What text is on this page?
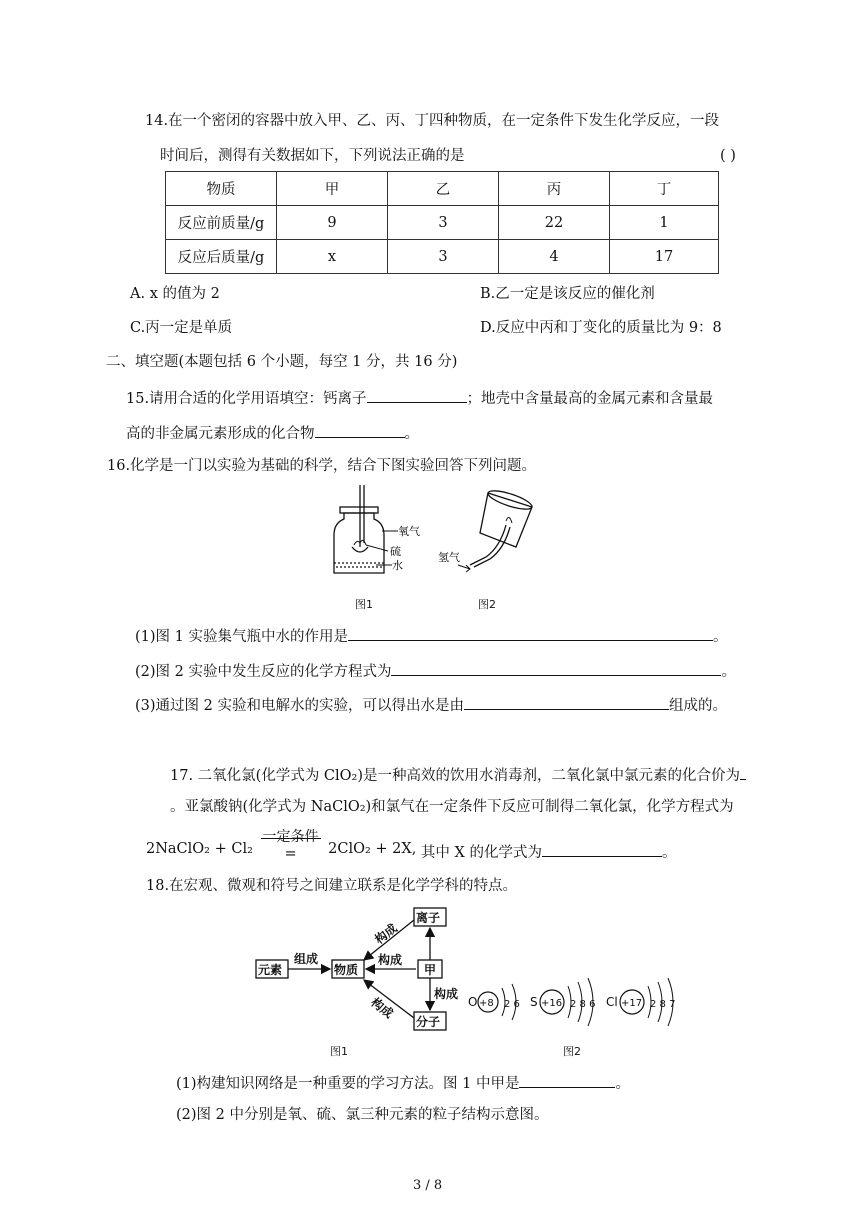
14.在一个密闭的容器中放入甲、乙、丙、丁四种物质，在一定条件下发生化学反应，一段
时间后，测得有关数据如下，下列说法正确的是	( )
物质	甲	乙	丙	丁
反应前质量/g	9	3	22	1
反应后质量/g	x	3	4	17
A. x 的值为 2	B.乙一定是该反应的催化剂
C.丙一定是单质	D.反应中丙和丁变化的质量比为 9：8
二、填空题(本题包括 6 个小题，每空 1 分，共 16 分)
15.请用合适的化学用语填空：钙离子	；地壳中含量最高的金属元素和含量最
高的非金属元素形成的化合物	。
16.化学是一门以实验为基础的科学，结合下图实验回答下列问题。
氧气
硫
水
氢气
图1	图2
(1)图 1 实验集气瓶中水的作用是	。
(2)图 2 实验中发生反应的化学方程式为	。
(3)通过图 2 实验和电解水的实验，可以得出水是由	组成的。
17. 二氧化氯(化学式为 ClO₂)是一种高效的饮用水消毒剂，二氧化氯中氯元素的化合价为
。亚氯酸钠(化学式为 NaClO₂)和氯气在一定条件下反应可制得二氧化氯，化学方程式为
2NaClO₂ + Cl₂
一定条件
= 2ClO₂ + 2X, 其中 X 的化学式为	。
18.在宏观、微观和符号之间建立联系是化学学科的特点。
元素	物质
离子
甲
分子
组成	构成
构成
构成
构成
O +8 2 6 S +16 2 8 6 Cl +17 2 8 7
图1	图2
(1)构建知识网络是一种重要的学习方法。图 1 中甲是	。
(2)图 2 中分别是氧、硫、氯三种元素的粒子结构示意图。
3 / 8
